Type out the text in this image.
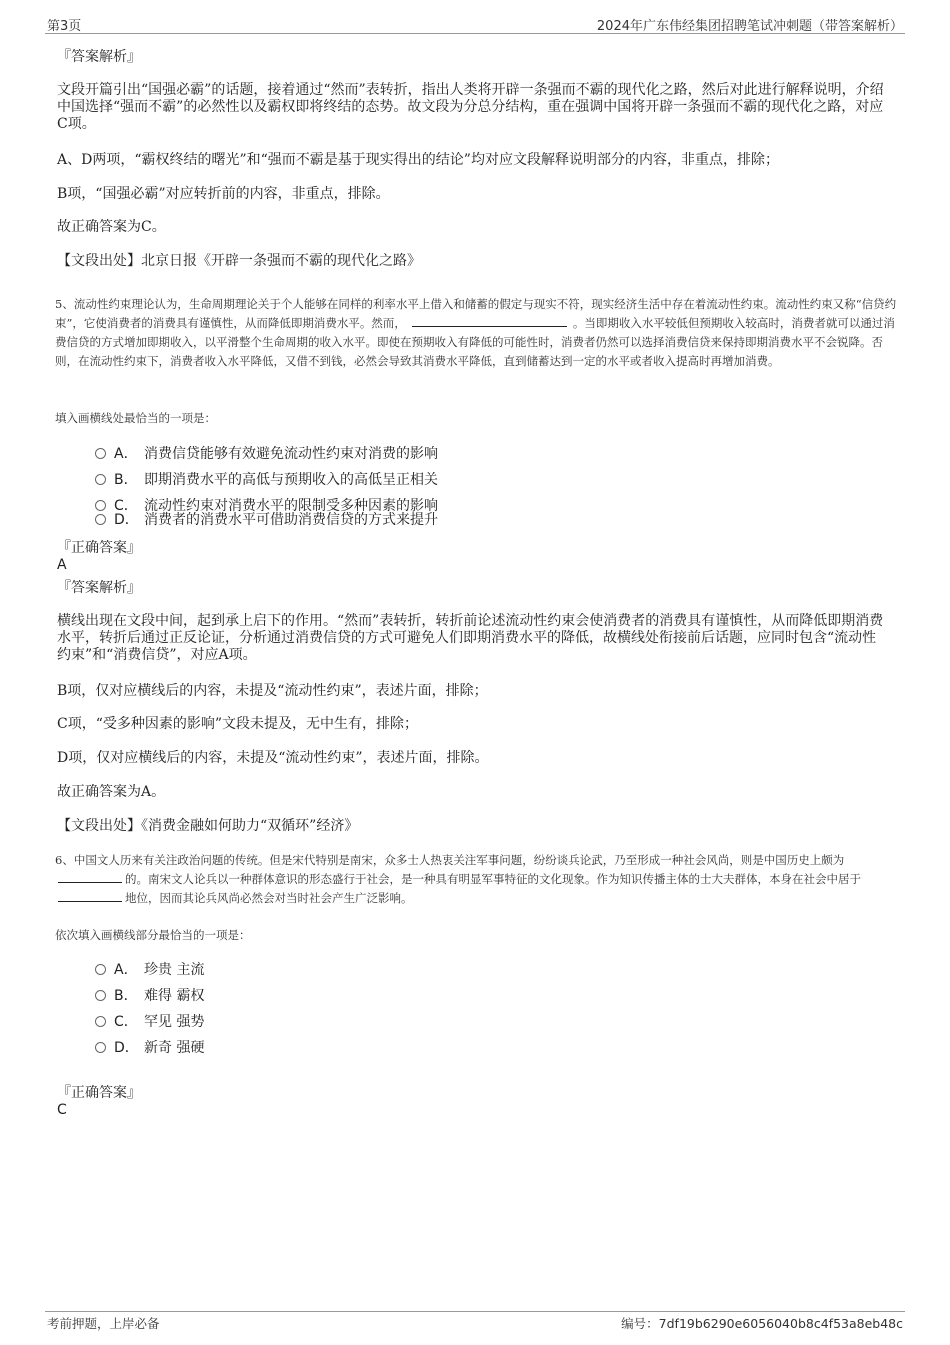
第3页	2024年广东伟经集团招聘笔试冲刺题（带答案解析）
『答案解析』
文段开篇引出“国强必霸”的话题，接着通过“然而”表转折，指出人类将开辟一条强而不霸的现代化之路，然后对此进行解释说明，介绍中国选择“强而不霸”的必然性以及霸权即将终结的态势。故文段为分总分结构，重在强调中国将开辟一条强而不霸的现代化之路，对应C项。
A、D两项，“霸权终结的曙光”和“强而不霸是基于现实得出的结论”均对应文段解释说明部分的内容，非重点，排除；
B项，“国强必霸”对应转折前的内容，非重点，排除。
故正确答案为C。
【文段出处】北京日报《开辟一条强而不霸的现代化之路》
5、流动性约束理论认为，生命周期理论关于个人能够在同样的利率水平上借入和储蓄的假定与现实不符，现实经济生活中存在着流动性约束。流动性约束又称“信贷约束”，它使消费者的消费具有谨慎性，从而降低即期消费水平。然而，	。当即期收入水平较低但预期收入较高时，消费者就可以通过消费信贷的方式增加即期收入，以平滑整个生命周期的收入水平。即使在预期收入有降低的可能性时，消费者仍然可以选择消费信贷来保持即期消费水平不会锐降。否则，在流动性约束下，消费者收入水平降低，又借不到钱，必然会导致其消费水平降低，直到储蓄达到一定的水平或者收入提高时再增加消费。
填入画横线处最恰当的一项是：
A． 消费信贷能够有效避免流动性约束对消费的影响
B． 即期消费水平的高低与预期收入的高低呈正相关
C． 流动性约束对消费水平的限制受多种因素的影响
D． 消费者的消费水平可借助消费信贷的方式来提升
『正确答案』
A
『答案解析』
横线出现在文段中间，起到承上启下的作用。“然而”表转折，转折前论述流动性约束会使消费者的消费具有谨慎性，从而降低即期消费水平，转折后通过正反论证，分析通过消费信贷的方式可避免人们即期消费水平的降低，故横线处衔接前后话题，应同时包含“流动性约束”和“消费信贷”，对应A项。
B项，仅对应横线后的内容，未提及“流动性约束”，表述片面，排除；
C项，“受多种因素的影响”文段未提及，无中生有，排除；
D项，仅对应横线后的内容，未提及“流动性约束”，表述片面，排除。
故正确答案为A。
【文段出处】《消费金融如何助力“双循环”经济》
6、中国文人历来有关注政治问题的传统。但是宋代特别是南宋，众多士人热衷关注军事问题，纷纷谈兵论武，乃至形成一种社会风尚，则是中国历史上颇为的。南宋文人论兵以一种群体意识的形态盛行于社会，是一种具有明显军事特征的文化现象。作为知识传播主体的士大夫群体，本身在社会中居于地位，因而其论兵风尚必然会对当时社会产生广泛影响。
依次填入画横线部分最恰当的一项是：
A． 珍贵 主流
B． 难得 霸权
C． 罕见 强势
D． 新奇 强硬
『正确答案』
C
考前押题，上岸必备	编号：7df19b6290e6056040b8c4f53a8eb48c
